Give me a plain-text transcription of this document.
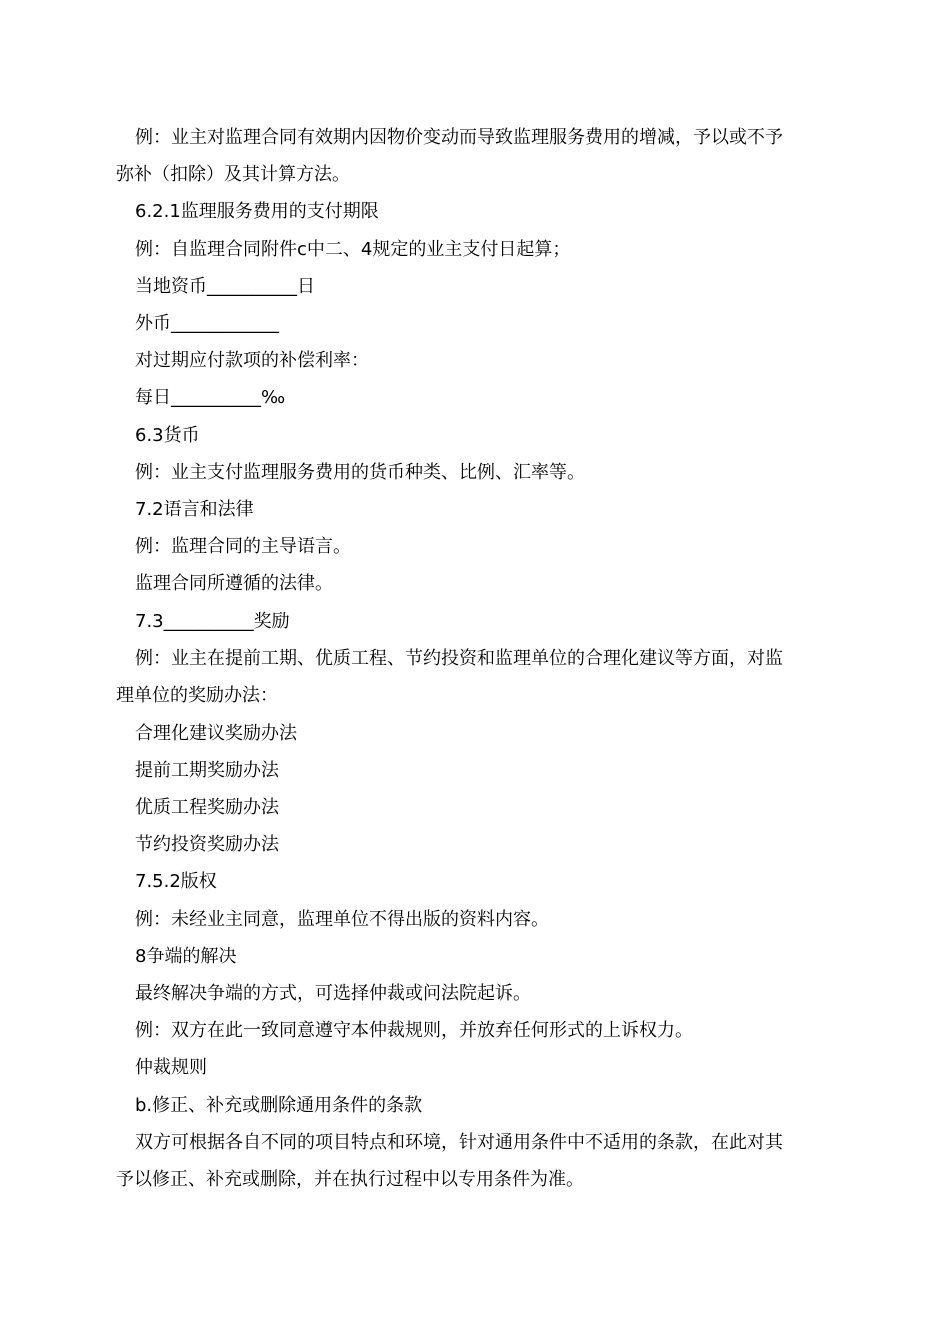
例：业主对监理合同有效期内因物价变动而导致监理服务费用的增减，予以或不予
弥补（扣除）及其计算方法。
6.2.1监理服务费用的支付期限
例：自监理合同附件c中二、4规定的业主支付日起算；
当地资币__________日
外币____________
对过期应付款项的补偿利率：
每日__________‰
6.3货币
例：业主支付监理服务费用的货币种类、比例、汇率等。
7.2语言和法律
例：监理合同的主导语言。
监理合同所遵循的法律。
7.3__________奖励
例：业主在提前工期、优质工程、节约投资和监理单位的合理化建议等方面，对监
理单位的奖励办法：
合理化建议奖励办法
提前工期奖励办法
优质工程奖励办法
节约投资奖励办法
7.5.2版权
例：未经业主同意，监理单位不得出版的资料内容。
8争端的解决
最终解决争端的方式，可选择仲裁或问法院起诉。
例：双方在此一致同意遵守本仲裁规则，并放弃任何形式的上诉权力。
仲裁规则
b.修正、补充或删除通用条件的条款
双方可根据各自不同的项目特点和环境，针对通用条件中不适用的条款，在此对其
予以修正、补充或删除，并在执行过程中以专用条件为准。
